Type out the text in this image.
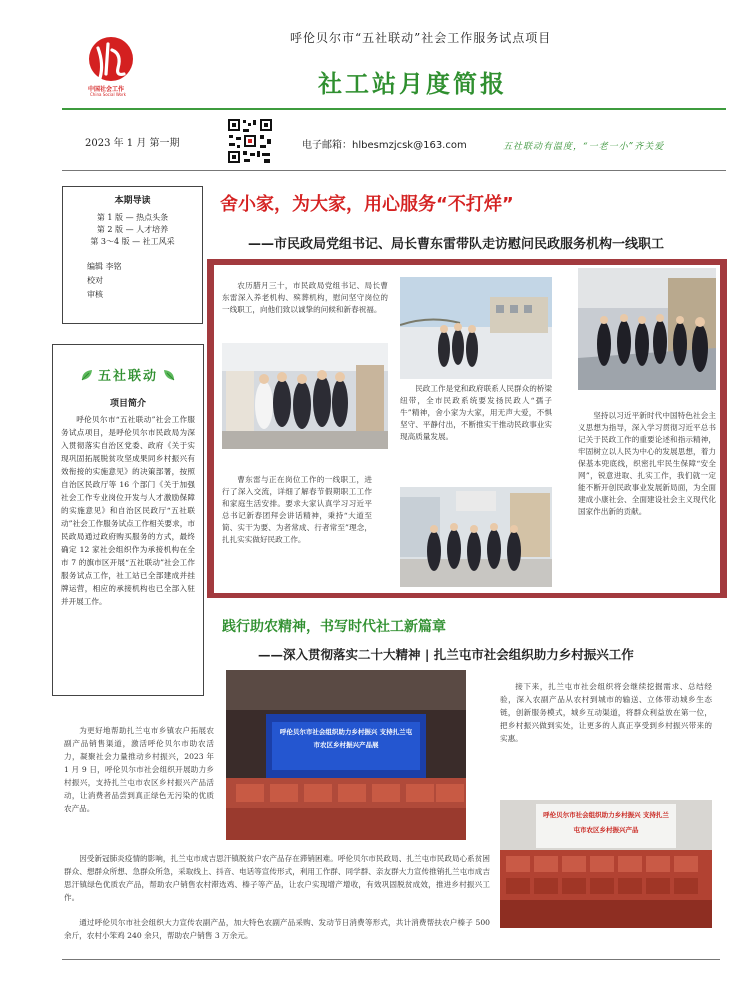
中国社会工作
China Social Work
呼伦贝尔市“五社联动”社会工作服务试点项目
社工站月度简报
2023 年 1 月 第一期	电子邮箱：hlbesmzjcsk@163.com	五社联动有温度，“一老一小”齐关爱
本期导读
第 1 版 — 热点头条
第 2 版 — 人才培养
第 3～4 版 — 社工风采
编辑 李铭
校对
审核
五社联动
项目简介
呼伦贝尔市“五社联动”社会工作服务试点项目，是呼伦贝尔市民政局为深入贯彻落实自治区党委、政府《关于实现巩固拓展脱贫攻坚成果同乡村振兴有效衔接的实施意见》的决策部署，按照自治区民政厅等 16 个部门《关于加强社会工作专业岗位开发与人才激励保障的实施意见》和自治区民政厅“五社联动”社会工作服务试点工作相关要求，市民政局通过政府购买服务的方式，最终确定 12 家社会组织作为承接机构在全市 7 的旗市区开展“五社联动”社会工作服务试点工作，社工站已全部建成并挂牌运营，相应的承接机构也已全部入驻并开展工作。
舍小家，为大家，用心服务“不打烊”
——市民政局党组书记、局长曹东雷带队走访慰问民政服务机构一线职工
农历腊月三十，市民政局党组书记、局长曹东雷深入养老机构、殡葬机构，慰问坚守岗位的一线职工，向他们致以诚挚的问候和新春祝福。
曹东雷与正在岗位工作的一线职工，进行了深入交流，详细了解春节假期职工工作和家庭生活安排。要求大家认真学习习近平总书记新春团拜会讲话精神，秉持“大道至简、实干为要、为者常成、行者常至”理念，扎扎实实做好民政工作。
民政工作是党和政府联系人民群众的桥梁纽带，全市民政系统要发扬民政人“孺子牛”精神，舍小家为大家，用无声大爱，不惧坚守、平静付出，不断推实干推动民政事业实现高质量发展。
坚持以习近平新时代中国特色社会主义思想为指导，深入学习贯彻习近平总书记关于民政工作的重要论述和指示精神，牢固树立以人民为中心的发展思想，着力保基本兜底线，织密扎牢民生保障“安全网”，锐意进取、扎实工作，我们就一定能不断开创民政事业发展新局面，为全面建成小康社会、全面建设社会主义现代化国家作出新的贡献。
践行助农精神，书写时代社工新篇章
——深入贯彻落实二十大精神 | 扎兰屯市社会组织助力乡村振兴工作
呼伦贝尔市社会组织助力乡村振兴 支持扎兰屯市农区乡村振兴产品展
为更好地帮助扎兰屯市乡镇农户拓展农副产品销售渠道，激活呼伦贝尔市助农活力，凝聚社会力量推动乡村振兴，2023 年 1 月 9 日，呼伦贝尔市社会组织开展助力乡村振兴，支持扎兰屯市农区乡村振兴产品活动，让消费者品尝到真正绿色无污染的优质农产品。
接下来，扎兰屯市社会组织将会继续挖掘需求、总结经验，深入农副产品从农村到城市的输送、立体带动城乡生态链，创新服务模式，城乡互动渠道，将群众利益放在第一位，把乡村振兴做到实处，让更多的人真正享受到乡村振兴带来的实惠。
呼伦贝尔市社会组织助力乡村振兴 支持扎兰屯市农区乡村振兴产品
因受新冠肺炎疫情的影响，扎兰屯市成吉思汗镇脱贫户农产品存在滞销困难。呼伦贝尔市民政局、扎兰屯市民政局心系贫困群众、想群众所想、急群众所急，采取线上、抖音、电话等宣传形式，利用工作群、同学群、亲友群大力宣传推销扎兰屯市成吉思汗镇绿色优质农产品，帮助农户销售农村滞选鸡、榛子等产品，让农户实现增产增收，有效巩固脱贫成效，推进乡村振兴工作。
通过呼伦贝尔市社会组织大力宣传农副产品，加大特色农副产品采购、发动节日消费等形式，共计消费帮扶农户榛子 500 余斤，农村小笨鸡 240 余只，帮助农户销售 3 万余元。
